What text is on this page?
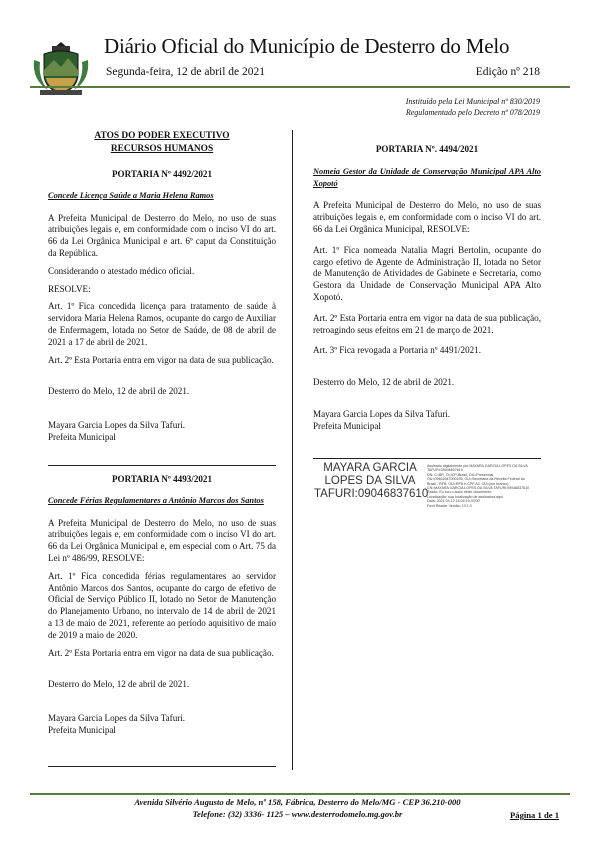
Diário Oficial do Município de Desterro do Melo
Segunda-feira, 12 de abril de 2021	Edição nº 218
Instituído pela Lei Municipal nº 830/2019
Regulamentado pelo Decreto nº 078/2019
ATOS DO PODER EXECUTIVO
RECURSOS HUMANOS
PORTARIA Nº 4492/2021

Concede Licença Saúde a Maria Helena Ramos

A Prefeita Municipal de Desterro do Melo, no uso de suas atribuições legais e, em conformidade com o inciso VI do art. 66 da Lei Orgânica Municipal e art. 6º caput da Constituição da República.

Considerando o atestado médico oficial.

RESOLVE:

Art. 1º Fica concedida licença para tratamento de saúde à servidora Maria Helena Ramos, ocupante do cargo de Auxiliar de Enfermagem, lotada no Setor de Saúde, de 08 de abril de 2021 a 17 de abril de 2021.

Art. 2º Esta Portaria entra em vigor na data de sua publicação.

Desterro do Melo, 12 de abril de 2021.

Mayara Garcia Lopes da Silva Tafuri.
Prefeita Municipal
PORTARIA Nº 4493/2021

Concede Férias Regulamentares a Antônio Marcos dos Santos

A Prefeita Municipal de Desterro do Melo, no uso de suas atribuições legais e, em conformidade com o inciso VI do art. 66 da Lei Orgânica Municipal e, em especial com o Art. 75 da Lei nº 486/99, RESOLVE:

Art. 1º Fica concedida férias regulamentares ao servidor Antônio Marcos dos Santos, ocupante do cargo de efetivo de Oficial de Serviço Público II, lotado no Setor de Manutenção do Planejamento Urbano, no intervalo de 14 de abril de 2021 a 13 de maio de 2021, referente ao período aquisitivo de maio de 2019 a maio de 2020.

Art. 2º Esta Portaria entra em vigor na data de sua publicação.

Desterro do Melo, 12 de abril de 2021.

Mayara Garcia Lopes da Silva Tafuri.
Prefeita Municipal
PORTARIA Nº. 4494/2021

Nomeia Gestor da Unidade de Conservação Municipal APA Alto Xopotó

A Prefeita Municipal de Desterro do Melo, no uso de suas atribuições legais e, em conformidade com o inciso VI do art. 66 da Lei Orgânica Municipal, RESOLVE:

Art. 1º Fica nomeada Natalia Magri Bertolin, ocupante do cargo efetivo de Agente de Administração II, lotada no Setor de Manutenção de Atividades de Gabinete e Secretaria, como Gestora da Unidade de Conservação Municipal APA Alto Xopotó.

Art. 2º Esta Portaria entra em vigor na data de sua publicação, retroagindo seus efeitos em 21 de março de 2021.

Art. 3º Fica revogada a Portaria nº 4491/2021.

Desterro do Melo, 12 de abril de 2021.

Mayara Garcia Lopes da Silva Tafuri.
Prefeita Municipal
MAYARA GARCIA
LOPES DA SILVA
TAFURI:09046837610
Assinado digitalmente por MAYARA GARCIA LOPES DA SILVA
TAFURI:09046837610
DN: C=BR, O=ICP-Brasil, OU=Presencial,
OU=09461647000195, OU=Secretaria da Receita Federal do
Brasil - RFB, OU=RFB e-CPF A3, OU=(em branco),
CN=MAYARA GARCIA LOPES DA SILVA TAFURI:09046837610
Razão: Eu sou o autor deste documento
Localização: sua localização de assinatura aqui
Data: 2021.04.12 16:04:19-03'00'
Foxit Reader Versão: 10.1.0
Avenida Silvério Augusto de Melo, nº 158, Fábrica, Desterro do Melo/MG - CEP 36.210-000
Telefone: (32) 3336- 1125 – www.desterrodomelo.mg.gov.br	Página 1 de 1
